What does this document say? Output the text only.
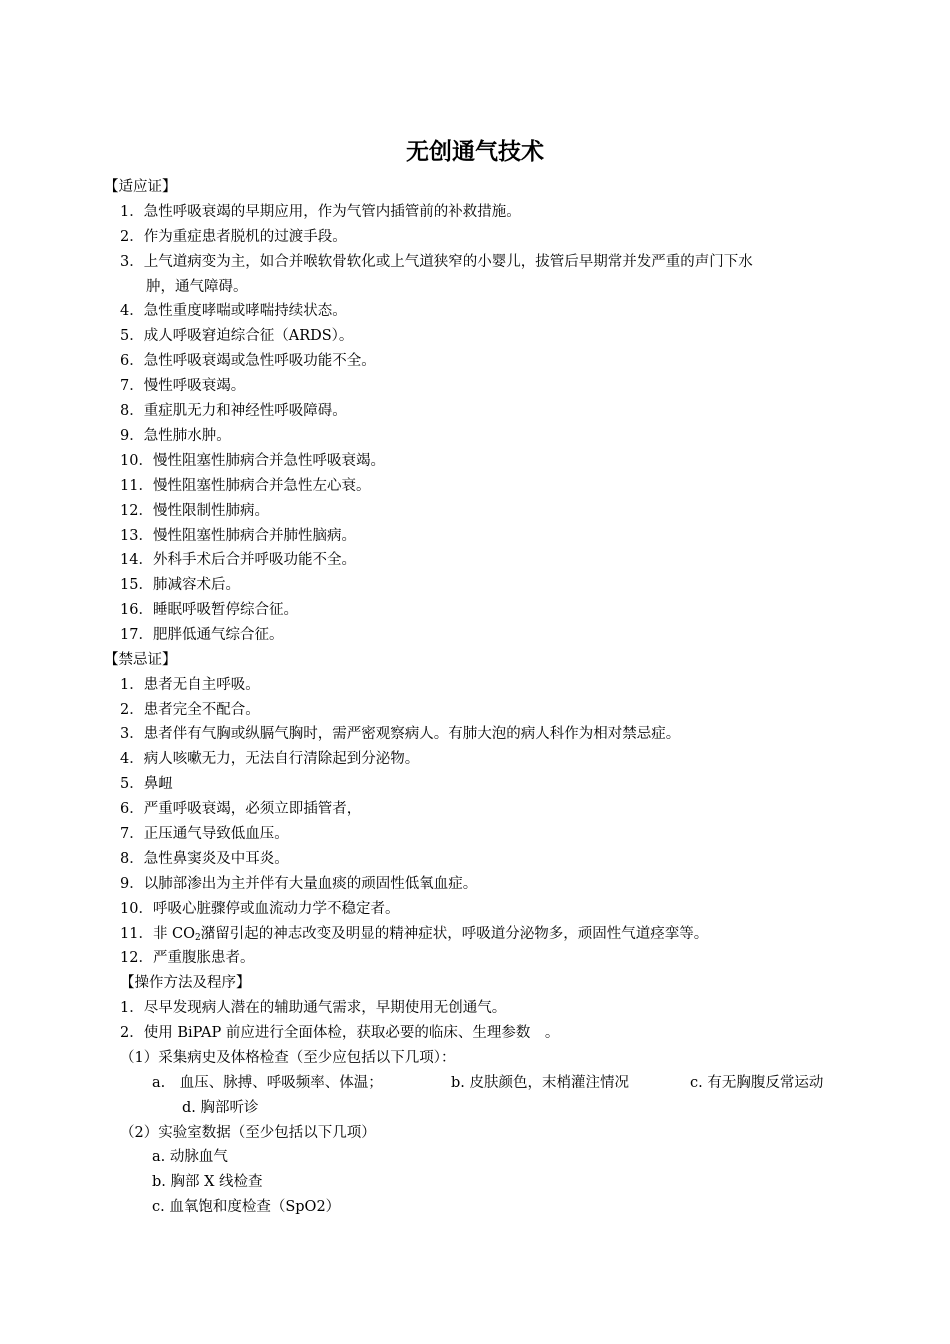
无创通气技术
【适应证】
1．急性呼吸衰竭的早期应用，作为气管内插管前的补救措施。
2．作为重症患者脱机的过渡手段。
3．上气道病变为主，如合并喉软骨软化或上气道狭窄的小婴儿，拔管后早期常并发严重的声门下水
肿，通气障碍。
4．急性重度哮喘或哮喘持续状态。
5．成人呼吸窘迫综合征（ARDS）。
6．急性呼吸衰竭或急性呼吸功能不全。
7．慢性呼吸衰竭。
8．重症肌无力和神经性呼吸障碍。
9．急性肺水肿。
10．慢性阻塞性肺病合并急性呼吸衰竭。
11．慢性阻塞性肺病合并急性左心衰。
12．慢性限制性肺病。
13．慢性阻塞性肺病合并肺性脑病。
14．外科手术后合并呼吸功能不全。
15．肺减容术后。
16．睡眠呼吸暂停综合征。
17．肥胖低通气综合征。
【禁忌证】
1．患者无自主呼吸。
2．患者完全不配合。
3．患者伴有气胸或纵膈气胸时，需严密观察病人。有肺大泡的病人科作为相对禁忌症。
4．病人咳嗽无力，无法自行清除起到分泌物。
5．鼻衄
6．严重呼吸衰竭，必须立即插管者，
7．正压通气导致低血压。
8．急性鼻窦炎及中耳炎。
9．以肺部渗出为主并伴有大量血痰的顽固性低氧血症。
10．呼吸心脏骤停或血流动力学不稳定者。
11．非 $CO_2$潴留引起的神志改变及明显的精神症状，呼吸道分泌物多，顽固性气道痉挛等。
12．严重腹胀患者。
【操作方法及程序】
1．尽早发现病人潜在的辅助通气需求，早期使用无创通气。
2．使用 BiPAP 前应进行全面体检，获取必要的临床、生理参数　。
（1）采集病史及体格检查（至少应包括以下几项）：
a.　血压、脉搏、呼吸频率、体温；	b. 皮肤颜色，末梢灌注情况	c. 有无胸腹反常运动
d. 胸部听诊
（2）实验室数据（至少包括以下几项）
a. 动脉血气
b. 胸部 X 线检查
c. 血氧饱和度检查（SpO2）
